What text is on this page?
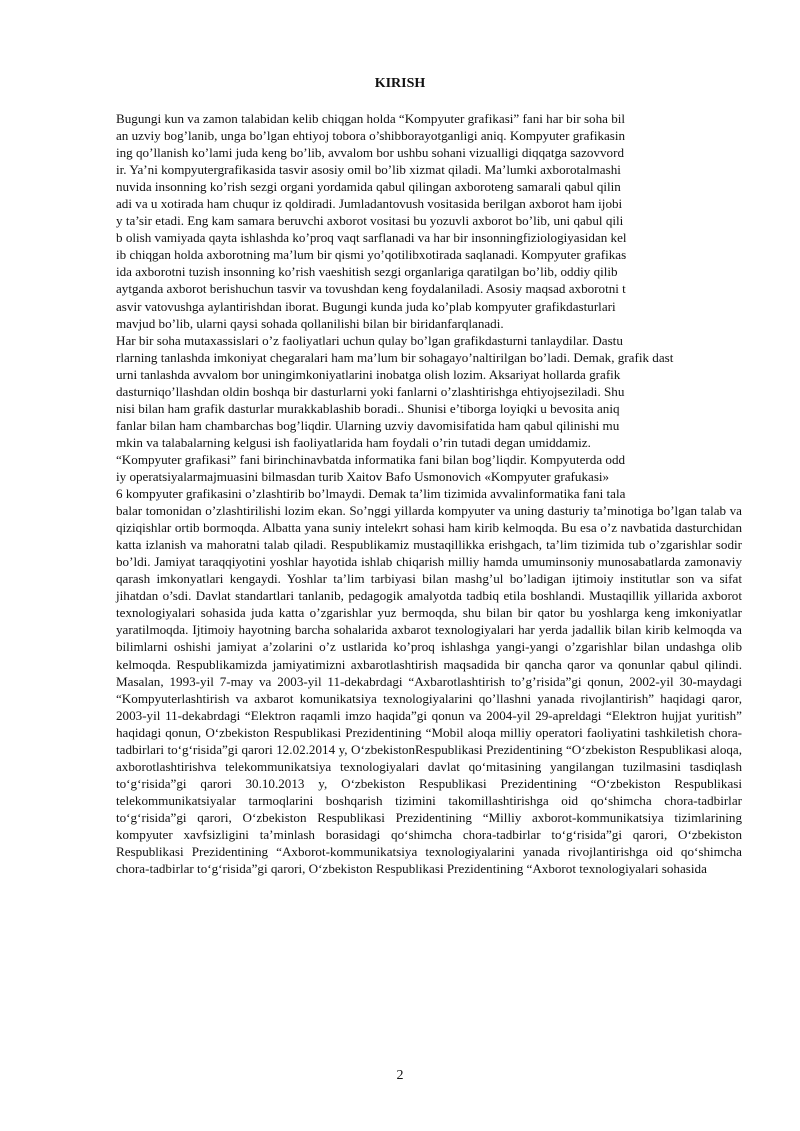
KIRISH

Bugungi kun va zamon talabidan kelib chiqgan holda “Kompyuter grafikasi” fani har bir soha bil

an uzviy bog’lanib, unga bo’lgan ehtiyoj tobora o’shibborayotganligi aniq. Kompyuter grafikasin

ing qo’llanish ko’lami juda keng bo’lib, avvalom bor ushbu sohani vizualligi diqqatga sazovvord

ir. Ya’ni kompyutergrafikasida tasvir asosiy omil bo’lib xizmat qiladi. Ma’lumki axborotalmashi

nuvida insonning ko’rish sezgi organi yordamida qabul qilingan axboroteng samarali qabul qilin

adi va u xotirada ham chuqur iz qoldiradi. Jumladantovush vositasida berilgan axborot ham ijobi

y ta’sir etadi. Eng kam samara beruvchi axborot vositasi bu yozuvli axborot bo’lib, uni qabul qili

b olish vamiyada qayta ishlashda ko’proq vaqt sarflanadi va har bir insonningfiziologiyasidan kel

ib chiqgan holda axborotning ma’lum bir qismi yo’qotilibxotirada saqlanadi. Kompyuter grafikas

ida axborotni tuzish insonning ko’rish vaeshitish sezgi organlariga qaratilgan bo’lib, oddiy qilib

aytganda axborot berishuchun tasvir va tovushdan keng foydalaniladi. Asosiy maqsad axborotni t

asvir vatovushga aylantirishdan iborat. Bugungi kunda juda ko’plab kompyuter grafikdasturlari

mavjud bo’lib, ularni qaysi sohada qollanilishi bilan bir biridanfarqlanadi.

Har bir soha mutaxassislari o’z faoliyatlari uchun qulay bo’lgan grafikdasturni tanlaydilar. Dastu

rlarning tanlashda imkoniyat chegaralari ham ma’lum bir sohagayo’naltirilgan bo’ladi. Demak, grafik dast

urni tanlashda avvalom bor uningimkoniyatlarini inobatga olish lozim. Aksariyat hollarda grafik

dasturniqo’llashdan oldin boshqa bir dasturlarni yoki fanlarni o’zlashtirishga ehtiyojseziladi. Shu

nisi bilan ham grafik dasturlar murakkablashib boradi.. Shunisi e’tiborga loyiqki u bevosita aniq

fanlar bilan ham chambarchas bog’liqdir. Ularning uzviy davomisifatida ham qabul qilinishi mu

mkin va talabalarning kelgusi ish faoliyatlarida ham foydali o’rin tutadi degan umiddamiz.

“Kompyuter grafikasi” fani birinchinavbatda informatika fani bilan bog’liqdir. Kompyuterda odd

iy operatsiyalarmajmuasini bilmasdan turib Xaitov Bafo Usmonovich «Kompyuter grafukasi»

6 kompyuter grafikasini o’zlashtirib bo’lmaydi. Demak ta’lim tizimida avvalinformatika fani tala

balar tomonidan o’zlashtirilishi lozim ekan. So’nggi yillarda kompyuter va uning dasturiy ta’minotiga bo’lgan talab va qiziqishlar ortib bormoqda. Albatta yana suniy intelekrt sohasi ham kirib kelmoqda. Bu esa o’z navbatida dasturchidan katta izlanish va mahoratni talab qiladi. Respublikamiz mustaqillikka erishgach, ta’lim tizimida tub o’zgarishlar sodir bo’ldi. Jamiyat taraqqiyotini yoshlar hayotida ishlab chiqarish milliy hamda umuminsoniy munosabatlarda zamonaviy qarash imkonyatlari kengaydi. Yoshlar ta’lim tarbiyasi bilan mashg’ul bo’ladigan ijtimoiy institutlar son va sifat jihatdan o’sdi. Davlat standartlari tanlanib, pedagogik amalyotda tadbiq etila boshlandi. Mustaqillik yillarida axborot texnologiyalari sohasida juda katta o’zgarishlar yuz bermoqda, shu bilan bir qator bu yoshlarga keng imkoniyatlar yaratilmoqda. Ijtimoiy hayotning barcha sohalarida axbarot texnologiyalari har yerda jadallik bilan kirib kelmoqda va bilimlarni oshishi jamiyat a’zolarini o’z ustlarida ko’proq ishlashga yangi-yangi o’zgarishlar bilan undashga olib kelmoqda. Respublikamizda jamiyatimizni axbarotlashtirish maqsadida bir qancha qaror va qonunlar qabul qilindi. Masalan, 1993-yil 7-may va 2003-yil 11-dekabrdagi “Axbarotlashtirish to’g’risida”gi qonun, 2002-yil 30-maydagi “Kompyuterlashtirish va axbarot komunikatsiya texnologiyalarini qo’llashni yanada rivojlantirish” haqidagi qaror, 2003-yil 11-dekabrdagi “Elektron raqamli imzo haqida”gi qonun va 2004-yil 29-apreldagi “Elektron hujjat yuritish” haqidagi qonun, O‘zbekiston Respublikasi Prezidentining “Mobil aloqa milliy operatori faoliyatini tashkiletish chora-tadbirlari to‘g‘risida”gi qarori 12.02.2014 y, O‘zbekistonRespublikasi Prezidentining “O‘zbekiston Respublikasi aloqa, axborotlashtirishva telekommunikatsiya texnologiyalari davlat qo‘mitasining yangilangan tuzilmasini tasdiqlash to‘g‘risida”gi qarori 30.10.2013 y, O‘zbekiston Respublikasi Prezidentining “O‘zbekiston Respublikasi telekommunikatsiyalar tarmoqlarini boshqarish tizimini takomillashtirishga oid qo‘shimcha chora-tadbirlar to‘g‘risida”gi qarori, O‘zbekiston Respublikasi Prezidentining “Milliy axborot-kommunikatsiya tizimlarining kompyuter xavfsizligini ta’minlash borasidagi qo‘shimcha chora-tadbirlar to‘g‘risida”gi qarori, O‘zbekiston Respublikasi Prezidentining “Axborot-kommunikatsiya texnologiyalarini yanada rivojlantirishga oid qo‘shimcha chora-tadbirlar to‘g‘risida”gi qarori, O‘zbekiston Respublikasi Prezidentining “Axborot texnologiyalari sohasida

2
